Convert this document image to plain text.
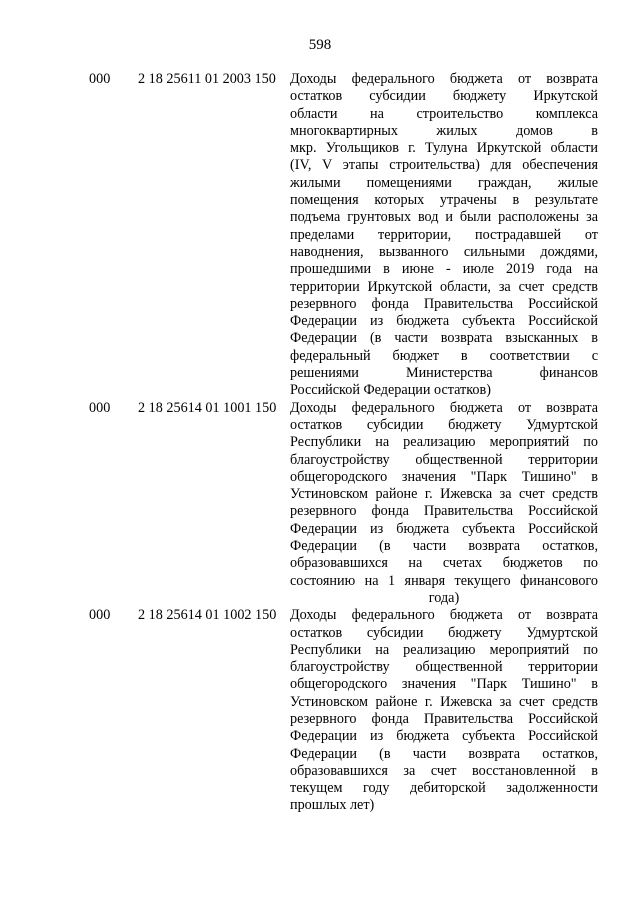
598
000 2 18 25611 01 2003 150 Доходы федерального бюджета от возврата
остатков субсидии бюджету Иркутской
области на строительство комплекса
многоквартирных жилых домов в
мкр. Угольщиков г. Тулуна Иркутской области
(IV, V этапы строительства) для обеспечения
жилыми помещениями граждан, жилые
помещения которых утрачены в результате
подъема грунтовых вод и были расположены за
пределами территории, пострадавшей от
наводнения, вызванного сильными дождями,
прошедшими в июне - июле 2019 года на
территории Иркутской области, за счет средств
резервного фонда Правительства Российской
Федерации из бюджета субъекта Российской
Федерации (в части возврата взысканных в
федеральный бюджет в соответствии с
решениями Министерства финансов
Российской Федерации остатков)
000 2 18 25614 01 1001 150 Доходы федерального бюджета от возврата
остатков субсидии бюджету Удмуртской
Республики на реализацию мероприятий по
благоустройству общественной территории
общегородского значения "Парк Тишино" в
Устиновском районе г. Ижевска за счет средств
резервного фонда Правительства Российской
Федерации из бюджета субъекта Российской
Федерации (в части возврата остатков,
образовавшихся на счетах бюджетов по
состоянию на 1 января текущего финансового
года)
000 2 18 25614 01 1002 150 Доходы федерального бюджета от возврата
остатков субсидии бюджету Удмуртской
Республики на реализацию мероприятий по
благоустройству общественной территории
общегородского значения "Парк Тишино" в
Устиновском районе г. Ижевска за счет средств
резервного фонда Правительства Российской
Федерации из бюджета субъекта Российской
Федерации (в части возврата остатков,
образовавшихся за счет восстановленной в
текущем году дебиторской задолженности
прошлых лет)
